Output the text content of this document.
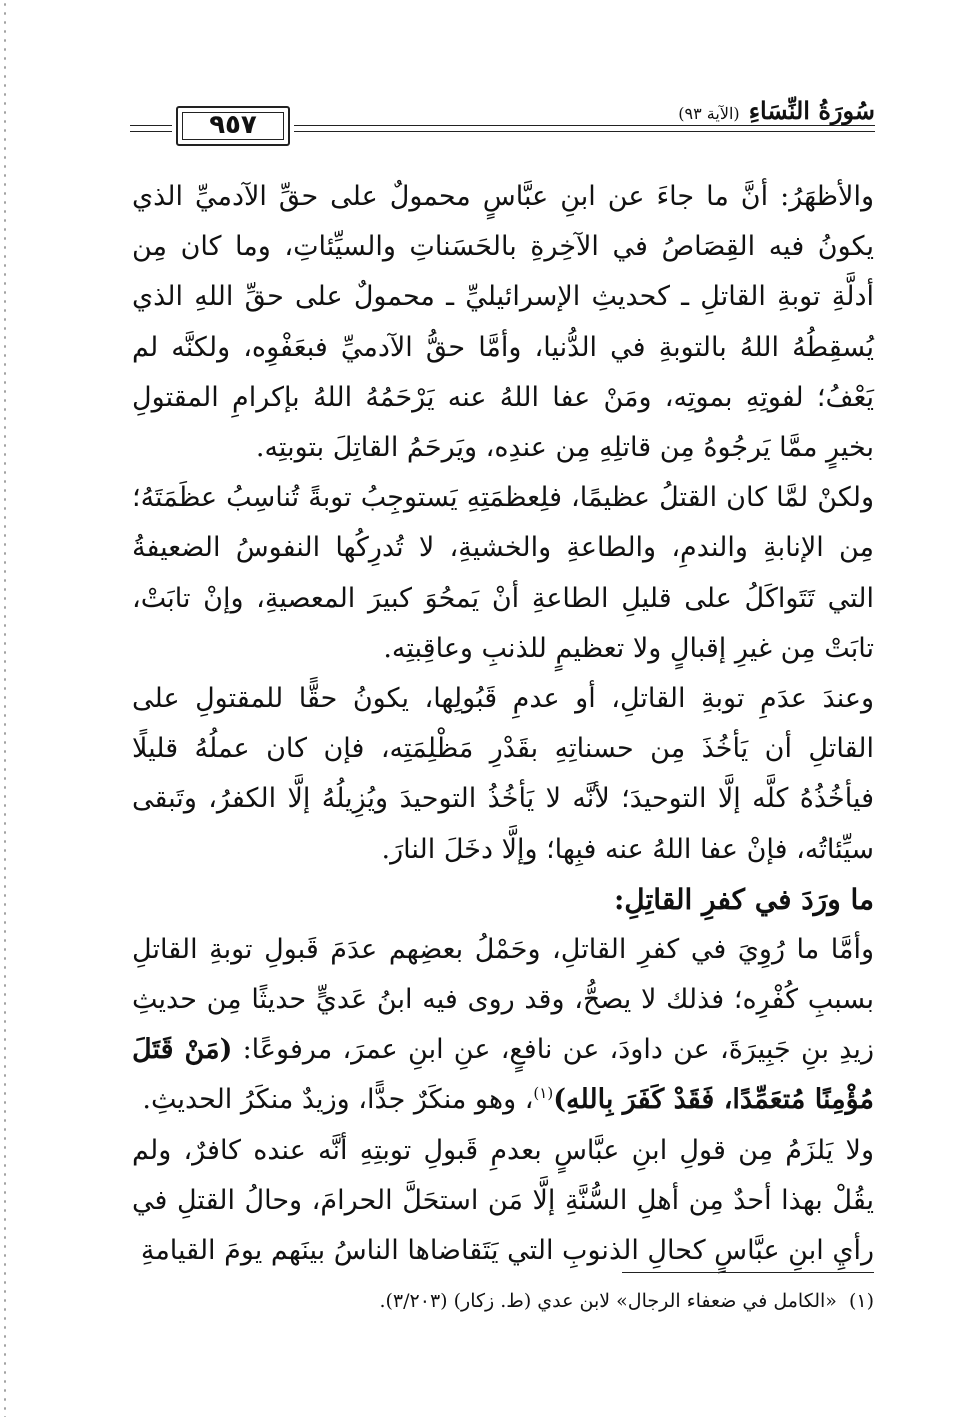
٩٥٧	سُورَةُ النِّسَاءِ (الآية ٩٣)

والأظهَرُ: أنَّ ما جاءَ عن ابنِ عبَّاسٍ محمولٌ على حقِّ الآدميِّ الذي يكونُ فيه القِصَاصُ في الآخِرةِ بالحَسَناتِ والسيِّئاتِ، وما كان مِن أدلَّةِ توبةِ القاتلِ ـ كحديثِ الإسرائيليِّ ـ محمولٌ على حقِّ اللهِ الذي يُسقِطُهُ اللهُ بالتوبةِ في الدُّنيا، وأمَّا حقُّ الآدميِّ فبعَفْوِه، ولكنَّه لم يَعْفُ؛ لفوتِهِ بموتِه، ومَنْ عفا اللهُ عنه يَرْحَمُهُ اللهُ بإكرامِ المقتولِ بخيرٍ ممَّا يَرجُوهُ مِن قاتلِهِ مِن عندِه، ويَرحَمُ القاتِلَ بتوبتِه.

ولكنْ لمَّا كان القتلُ عظيمًا، فلِعظمَتِهِ يَستوجِبُ توبةً تُناسِبُ عظَمَتَهُ؛ مِن الإنابةِ والندمِ، والطاعةِ والخشيةِ، لا تُدرِكُها النفوسُ الضعيفةُ التي تَتَواكَلُ على قليلِ الطاعةِ أنْ يَمحُوَ كبيرَ المعصيةِ، وإنْ تابَتْ، تابَتْ مِن غيرِ إقبالٍ ولا تعظيمٍ للذنبِ وعاقِبتِه.

وعندَ عدَمِ توبةِ القاتلِ، أو عدمِ قَبُولِها، يكونُ حقًّا للمقتولِ على القاتلِ أن يَأخُذَ مِن حسناتِهِ بقَدْرِ مَظْلِمَتِه، فإن كان عملُهُ قليلًا فيأخُذُهُ كلَّه إلَّا التوحيدَ؛ لأنَّه لا يَأخُذُ التوحيدَ ويُزِيلُهُ إلَّا الكفرُ، وتَبقى سيِّئاتُه، فإنْ عفا اللهُ عنه فبِها؛ وإلَّا دخَلَ النارَ.

ما ورَدَ في كفرِ القاتِلِ:

وأمَّا ما رُوِيَ في كفرِ القاتلِ، وحَمْلُ بعضِهم عدَمَ قَبولِ توبةِ القاتلِ بسببِ كُفْرِه؛ فذلك لا يصحُّ، وقد روى فيه ابنُ عَديٍّ حديثًا مِن حديثِ زيدِ بنِ جَبِيرَةَ، عن داودَ، عن نافعٍ، عنِ ابنِ عمرَ، مرفوعًا: (مَنْ قَتَلَ مُؤْمِنًا مُتعَمِّدًا، فَقَدْ كَفَرَ بِاللهِ)$^{(١)}$، وهو منكَرٌ جدًّا، وزيدٌ منكَرُ الحديثِ.

ولا يَلزَمُ مِن قولِ ابنِ عبَّاسٍ بعدمِ قَبولِ توبتِهِ أنَّه عنده كافرٌ، ولم يقُلْ بهذا أحدٌ مِن أهلِ السُّنَّةِ إلَّا مَن استحَلَّ الحرامَ، وحالُ القتلِ في رأيِ ابنِ عبَّاسٍ كحالِ الذنوبِ التي يَتَقاضاها الناسُ بينَهم يومَ القيامةِ

(١) «الكامل في ضعفاء الرجال» لابن عدي (ط. زكار) (٣/٢٠٣).
